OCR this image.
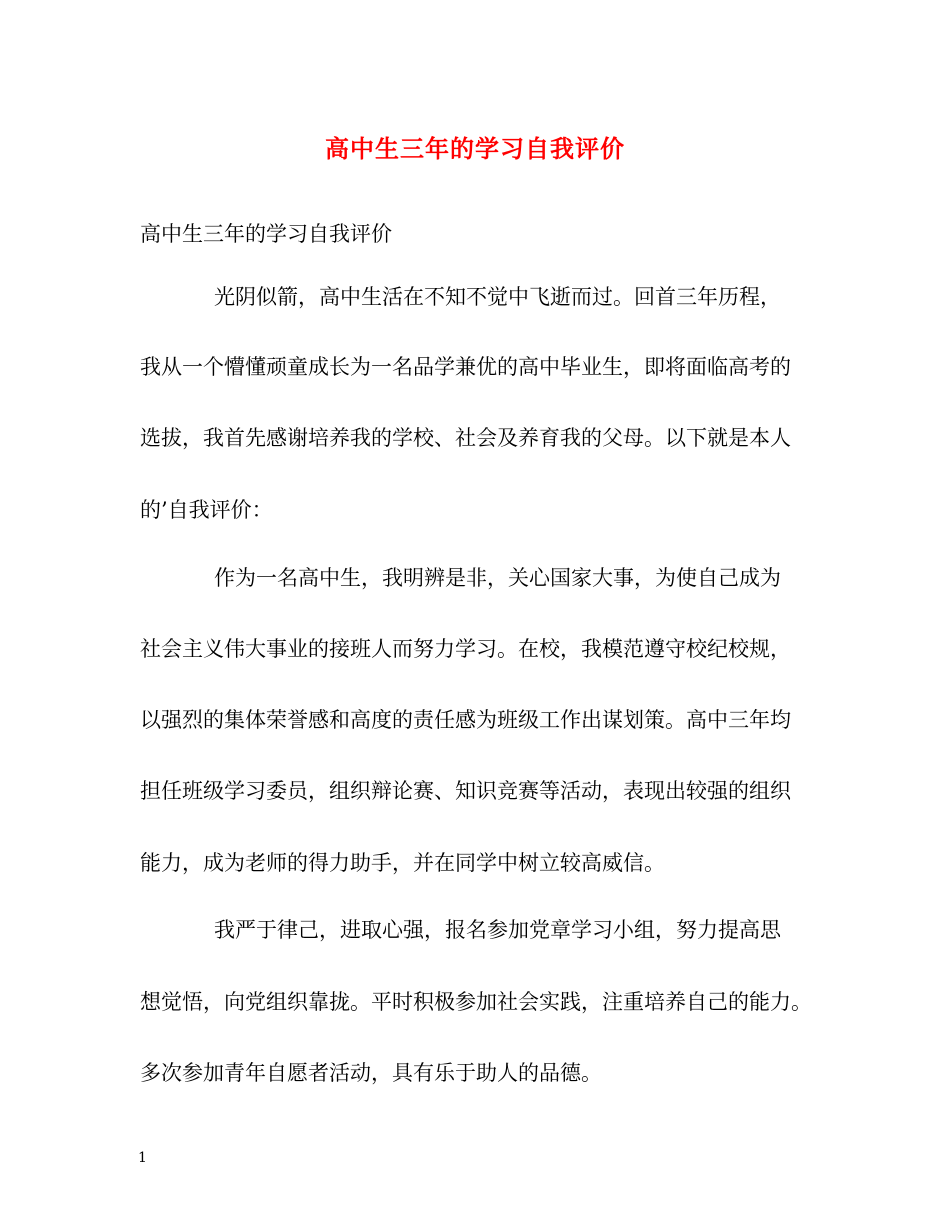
高中生三年的学习自我评价
高中生三年的学习自我评价
光阴似箭，高中生活在不知不觉中飞逝而过。回首三年历程，
我从一个懵懂顽童成长为一名品学兼优的高中毕业生，即将面临高考的
选拔，我首先感谢培养我的学校、社会及养育我的父母。以下就是本人
的’自我评价：
作为一名高中生，我明辨是非，关心国家大事，为使自己成为
社会主义伟大事业的接班人而努力学习。在校，我模范遵守校纪校规，
以强烈的集体荣誉感和高度的责任感为班级工作出谋划策。高中三年均
担任班级学习委员，组织辩论赛、知识竞赛等活动，表现出较强的组织
能力，成为老师的得力助手，并在同学中树立较高威信。
我严于律己，进取心强，报名参加党章学习小组，努力提高思
想觉悟，向党组织靠拢。平时积极参加社会实践，注重培养自己的能力。
多次参加青年自愿者活动，具有乐于助人的品德。
1
